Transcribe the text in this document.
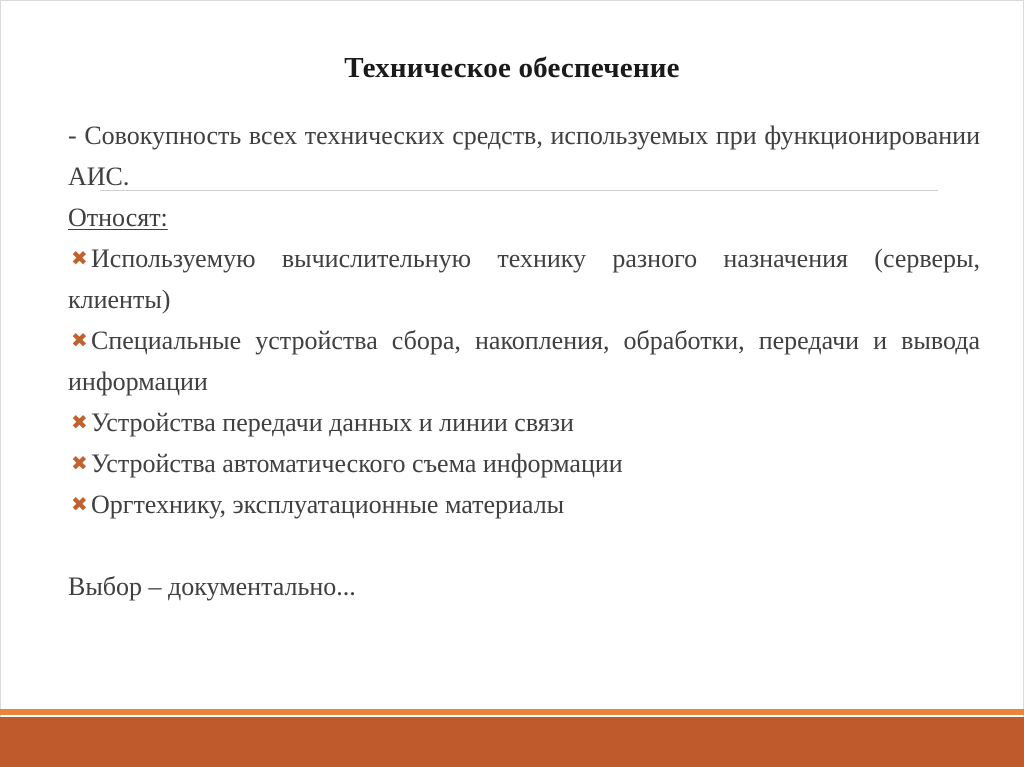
Техническое обеспечение

- Совокупность всех технических средств, используемых при функционировании АИС.

Относят:

✖ Используемую вычислительную технику разного назначения (серверы, клиенты)

✖ Специальные устройства сбора, накопления, обработки, передачи и вывода информации

✖ Устройства передачи данных и линии связи

✖ Устройства автоматического съема информации

✖ Оргтехнику, эксплуатационные материалы

Выбор – документально...
